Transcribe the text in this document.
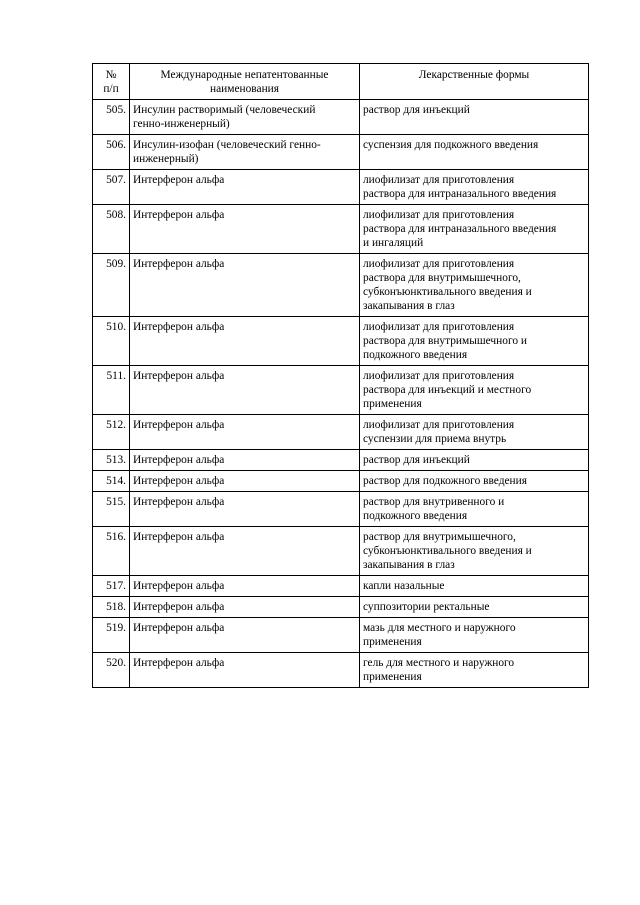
№
п/п	Международные непатентованные
наименования	Лекарственные формы
505.	Инсулин растворимый (человеческий
генно-инженерный)	раствор для инъекций
506.	Инсулин-изофан (человеческий генно-
инженерный)	суспензия для подкожного введения
507.	Интерферон альфа	лиофилизат для приготовления
раствора для интраназального введения
508.	Интерферон альфа	лиофилизат для приготовления
раствора для интраназального введения
и ингаляций
509.	Интерферон альфа	лиофилизат для приготовления
раствора для внутримышечного,
субконъюнктивального введения и
закапывания в глаз
510.	Интерферон альфа	лиофилизат для приготовления
раствора для внутримышечного и
подкожного введения
511.	Интерферон альфа	лиофилизат для приготовления
раствора для инъекций и местного
применения
512.	Интерферон альфа	лиофилизат для приготовления
суспензии для приема внутрь
513.	Интерферон альфа	раствор для инъекций
514.	Интерферон альфа	раствор для подкожного введения
515.	Интерферон альфа	раствор для внутривенного и
подкожного введения
516.	Интерферон альфа	раствор для внутримышечного,
субконъюнктивального введения и
закапывания в глаз
517.	Интерферон альфа	капли назальные
518.	Интерферон альфа	суппозитории ректальные
519.	Интерферон альфа	мазь для местного и наружного
применения
520.	Интерферон альфа	гель для местного и наружного
применения
